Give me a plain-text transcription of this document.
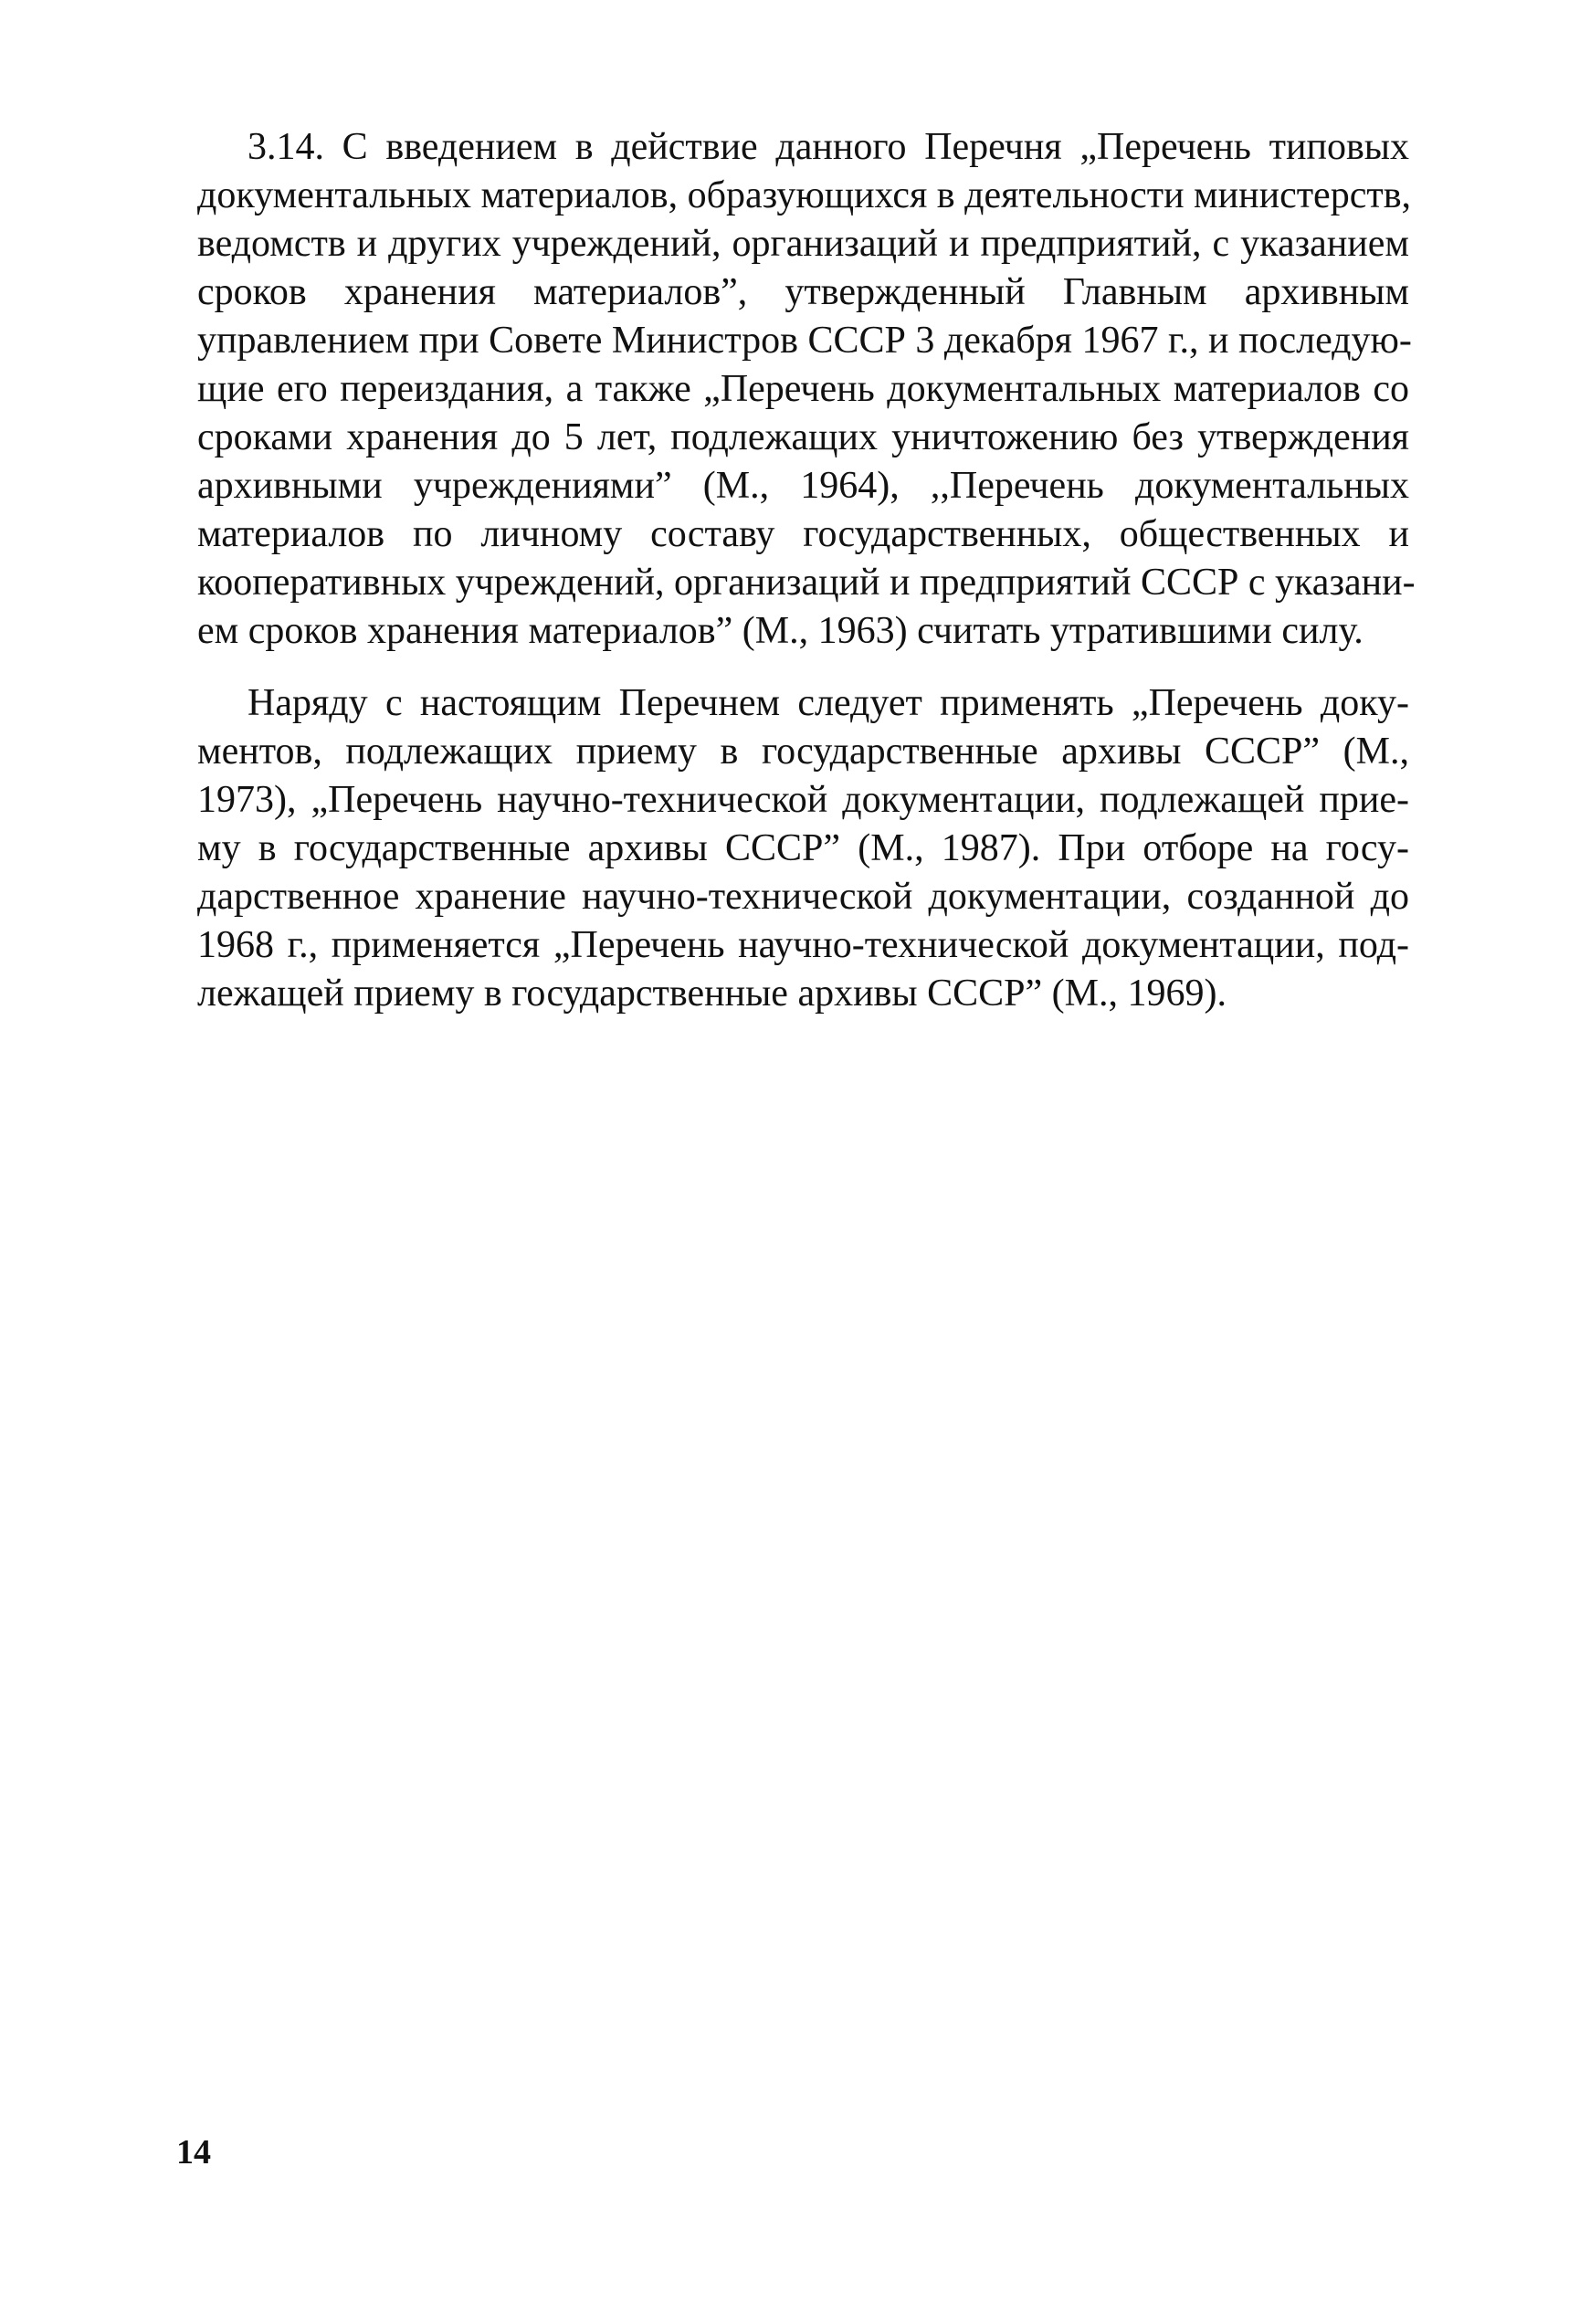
3.14. С введением в действие данного Перечня „Перечень типовых
документальных материалов, образующихся в деятельности министерств,
ведомств и других учреждений, организаций и предприятий, с указанием
сроков хранения материалов”, утвержденный Главным архивным
управлением при Совете Министров СССР 3 декабря 1967 г., и последую-
щие его переиздания, а также „Перечень документальных материалов со
сроками хранения до 5 лет, подлежащих уничтожению без утверждения
архивными учреждениями” (М., 1964), ,,Перечень документальных
материалов по личному составу государственных, общественных и
кооперативных учреждений, организаций и предприятий СССР с указани-
ем сроков хранения материалов” (М., 1963) считать утратившими силу.
Наряду с настоящим Перечнем следует применять „Перечень доку-
ментов, подлежащих приему в государственные архивы СССР” (М.,
1973), „Перечень научно-технической документации, подлежащей прие-
му в государственные архивы СССР” (М., 1987). При отборе на госу-
дарственное хранение научно-технической документации, созданной до
1968 г., применяется „Перечень научно-технической документации, под-
лежащей приему в государственные архивы СССР” (М., 1969).
14
